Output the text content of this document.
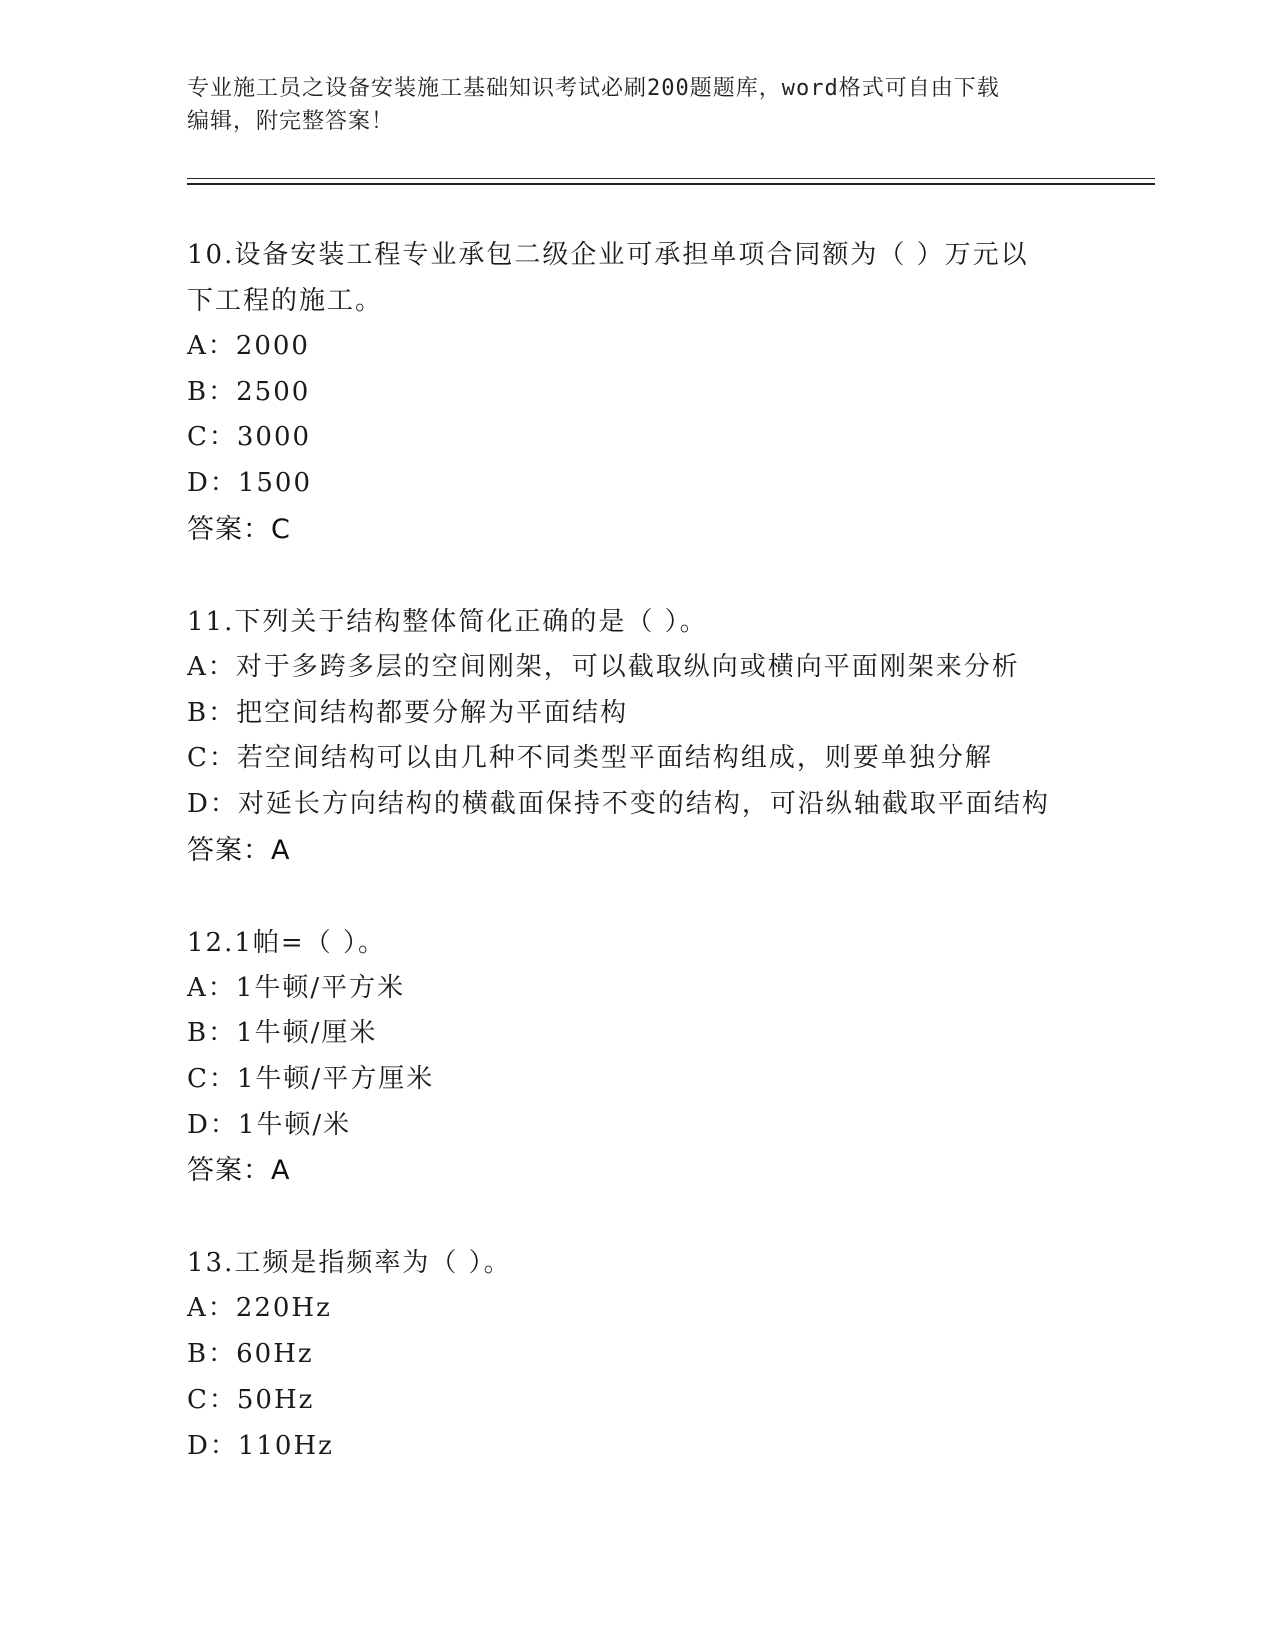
专业施工员之设备安装施工基础知识考试必刷200题题库，word格式可自由下载
编辑，附完整答案！
10.设备安装工程专业承包二级企业可承担单项合同额为（ ）万元以
下工程的施工。
A：2000
B：2500
C：3000
D：1500
答案：C
11.下列关于结构整体简化正确的是（ ）。
A：对于多跨多层的空间刚架，可以截取纵向或横向平面刚架来分析
B：把空间结构都要分解为平面结构
C：若空间结构可以由几种不同类型平面结构组成，则要单独分解
D：对延长方向结构的横截面保持不变的结构，可沿纵轴截取平面结构
答案：A
12.1帕=（ ）。
A：1牛顿/平方米
B：1牛顿/厘米
C：1牛顿/平方厘米
D：1牛顿/米
答案：A
13.工频是指频率为（ ）。
A：220Hz
B：60Hz
C：50Hz
D：110Hz
